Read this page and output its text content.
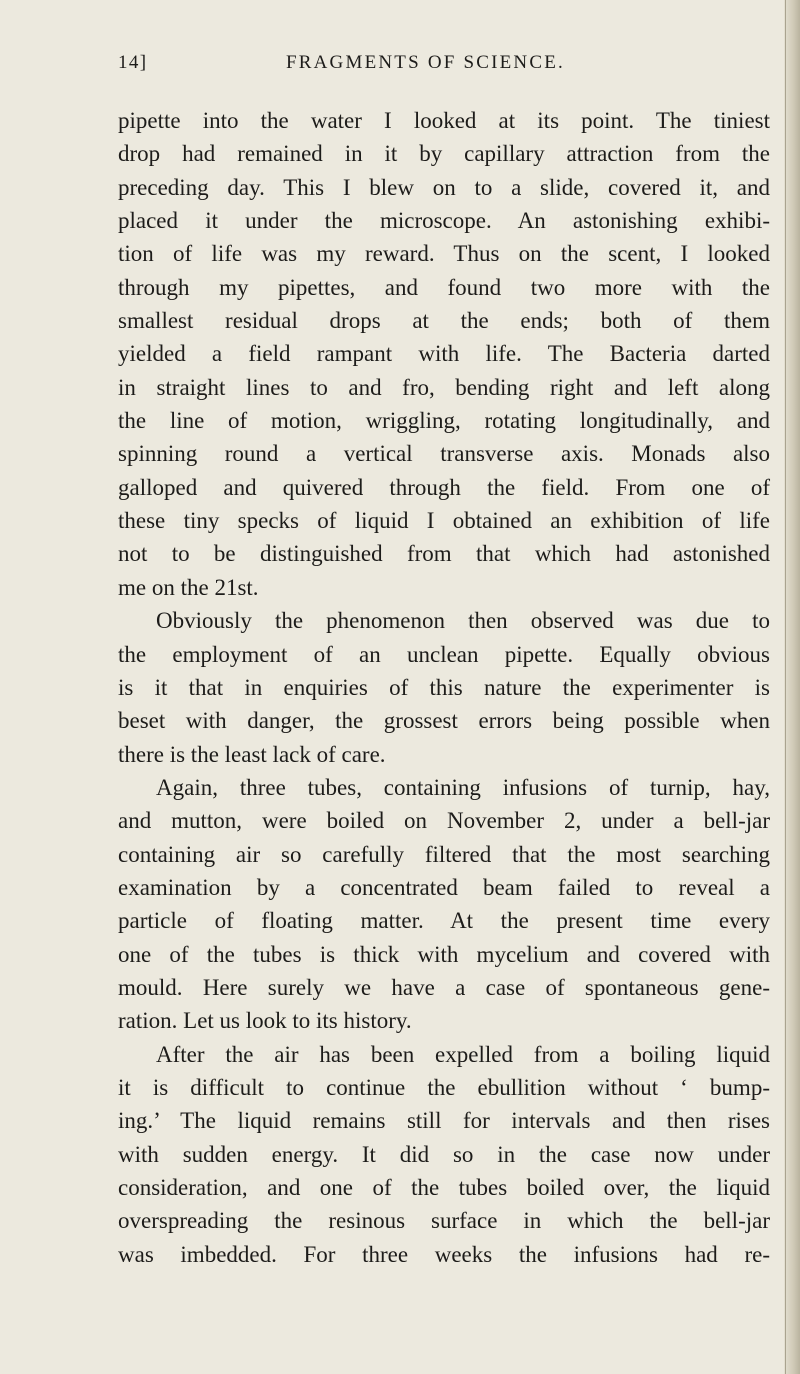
14]	FRAGMENTS OF SCIENCE.
pipette into the water I looked at its point. The tiniest
drop had remained in it by capillary attraction from the
preceding day. This I blew on to a slide, covered it, and
placed it under the microscope. An astonishing exhibi-
tion of life was my reward. Thus on the scent, I looked
through my pipettes, and found two more with the
smallest residual drops at the ends; both of them
yielded a field rampant with life. The Bacteria darted
in straight lines to and fro, bending right and left along
the line of motion, wriggling, rotating longitudinally, and
spinning round a vertical transverse axis. Monads also
galloped and quivered through the field. From one of
these tiny specks of liquid I obtained an exhibition of life
not to be distinguished from that which had astonished
me on the 21st.
Obviously the phenomenon then observed was due to
the employment of an unclean pipette. Equally obvious
is it that in enquiries of this nature the experimenter is
beset with danger, the grossest errors being possible when
there is the least lack of care.
Again, three tubes, containing infusions of turnip, hay,
and mutton, were boiled on November 2, under a bell-jar
containing air so carefully filtered that the most searching
examination by a concentrated beam failed to reveal a
particle of floating matter. At the present time every
one of the tubes is thick with mycelium and covered with
mould. Here surely we have a case of spontaneous gene-
ration. Let us look to its history.
After the air has been expelled from a boiling liquid
it is difficult to continue the ebullition without ‘ bump-
ing.’ The liquid remains still for intervals and then rises
with sudden energy. It did so in the case now under
consideration, and one of the tubes boiled over, the liquid
overspreading the resinous surface in which the bell-jar
was imbedded. For three weeks the infusions had re-
